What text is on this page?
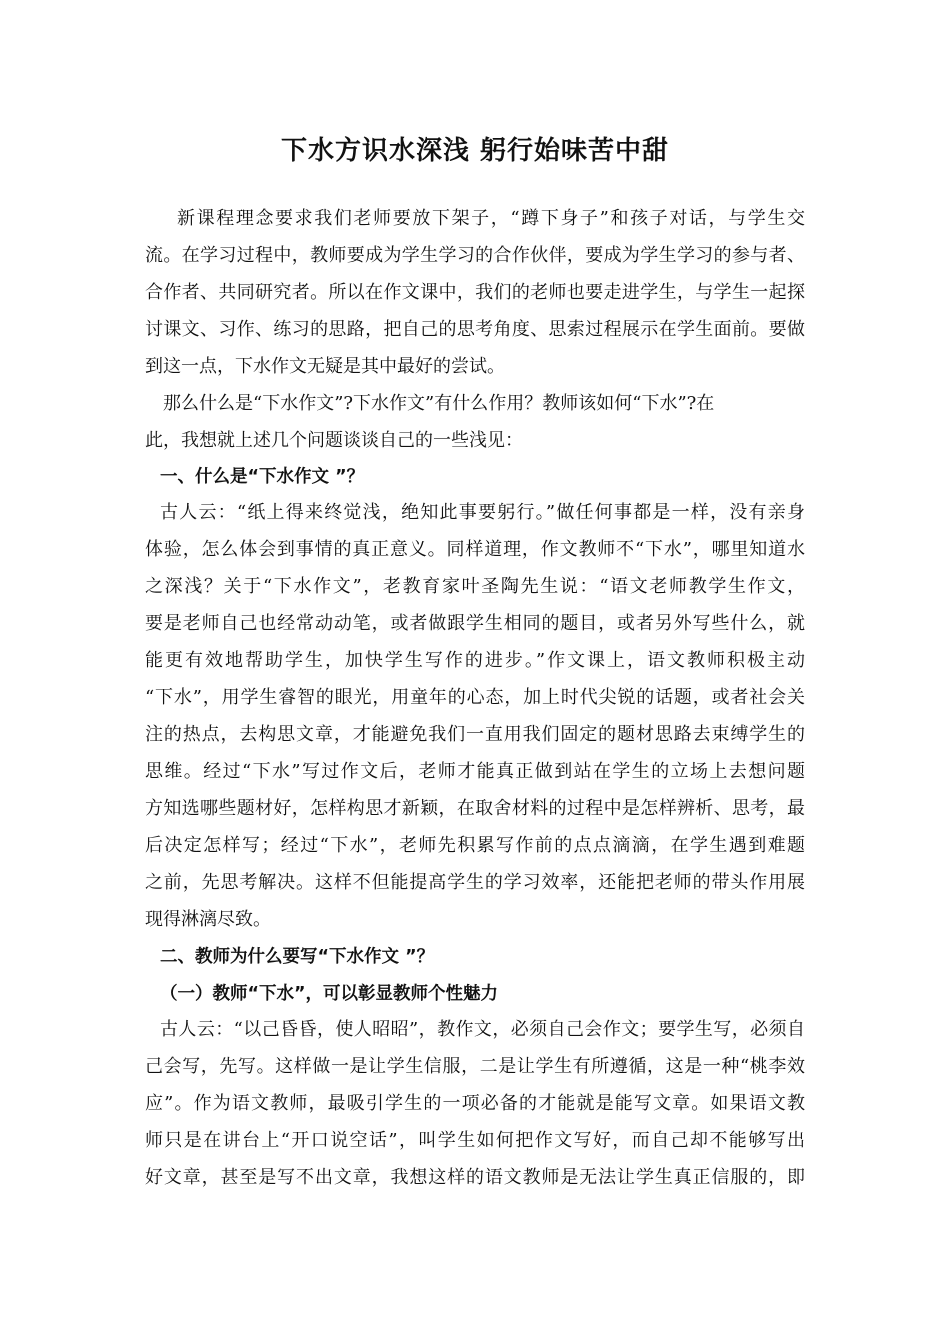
下水方识水深浅 躬行始味苦中甜
新课程理念要求我们老师要放下架子，“蹲下身子”和孩子对话，与学生交
流。在学习过程中，教师要成为学生学习的合作伙伴，要成为学生学习的参与者、
合作者、共同研究者。所以在作文课中，我们的老师也要走进学生，与学生一起探
讨课文、习作、练习的思路，把自己的思考角度、思索过程展示在学生面前。要做
到这一点，下水作文无疑是其中最好的尝试。
那么什么是“下水作文”?下水作文”有什么作用？教师该如何“下水”?在
此，我想就上述几个问题谈谈自己的一些浅见：
一、什么是“下水作文 ”？
古人云：“纸上得来终觉浅，绝知此事要躬行。”做任何事都是一样，没有亲身
体验，怎么体会到事情的真正意义。同样道理，作文教师不“下水”，哪里知道水
之深浅？关于“下水作文”，老教育家叶圣陶先生说：“语文老师教学生作文，
要是老师自己也经常动动笔，或者做跟学生相同的题目，或者另外写些什么，就
能更有效地帮助学生，加快学生写作的进步。”作文课上，语文教师积极主动
“下水”，用学生睿智的眼光，用童年的心态，加上时代尖锐的话题，或者社会关
注的热点，去构思文章，才能避免我们一直用我们固定的题材思路去束缚学生的
思维。经过“下水”写过作文后，老师才能真正做到站在学生的立场上去想问题
方知选哪些题材好，怎样构思才新颖，在取舍材料的过程中是怎样辨析、思考，最
后决定怎样写；经过“下水”，老师先积累写作前的点点滴滴，在学生遇到难题
之前，先思考解决。这样不但能提高学生的学习效率，还能把老师的带头作用展
现得淋漓尽致。
二、教师为什么要写“下水作文 ”？
（一）教师“下水”，可以彰显教师个性魅力
古人云：“以己昏昏，使人昭昭”，教作文，必须自己会作文；要学生写，必须自
己会写，先写。这样做一是让学生信服，二是让学生有所遵循，这是一种“桃李效
应”。作为语文教师，最吸引学生的一项必备的才能就是能写文章。如果语文教
师只是在讲台上“开口说空话”，叫学生如何把作文写好，而自己却不能够写出
好文章，甚至是写不出文章，我想这样的语文教师是无法让学生真正信服的，即
